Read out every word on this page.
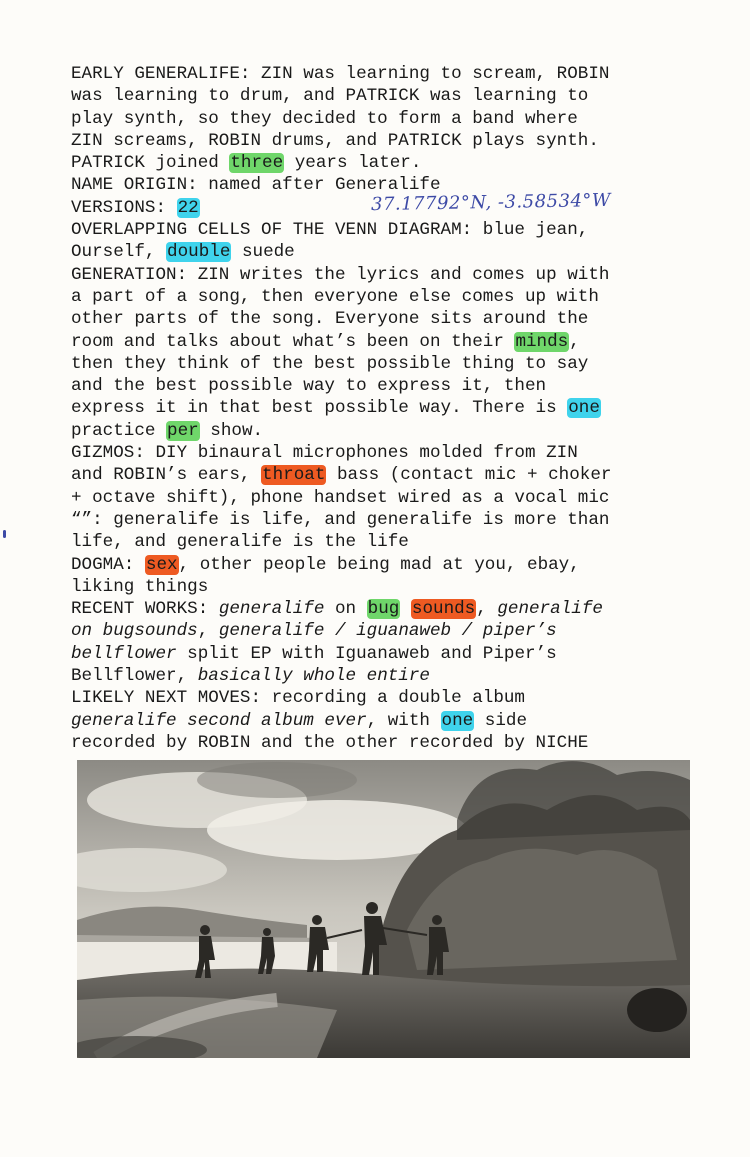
EARLY GENERALIFE: ZIN was learning to scream, ROBIN
was learning to drum, and PATRICK was learning to
play synth, so they decided to form a band where
ZIN screams, ROBIN drums, and PATRICK plays synth.
PATRICK joined three years later.
NAME ORIGIN: named after Generalife
VERSIONS: 22
OVERLAPPING CELLS OF THE VENN DIAGRAM: blue jean,
Ourself, double suede
GENERATION: ZIN writes the lyrics and comes up with
a part of a song, then everyone else comes up with
other parts of the song. Everyone sits around the
room and talks about what’s been on their minds,
then they think of the best possible thing to say
and the best possible way to express it, then
express it in that best possible way. There is one
practice per show.
GIZMOS: DIY binaural microphones molded from ZIN
and ROBIN’s ears, throat bass (contact mic + choker
+ octave shift), phone handset wired as a vocal mic
“”: generalife is life, and generalife is more than
life, and generalife is the life
DOGMA: sex, other people being mad at you, ebay,
liking things
RECENT WORKS: generalife on bug sounds, generalife
on bugsounds, generalife / iguanaweb / piper’s
bellflower split EP with Iguanaweb and Piper’s
Bellflower, basically whole entire
LIKELY NEXT MOVES: recording a double album
generalife second album ever, with one side
recorded by ROBIN and the other recorded by NICHE
37.17792°N, -3.58534°W
